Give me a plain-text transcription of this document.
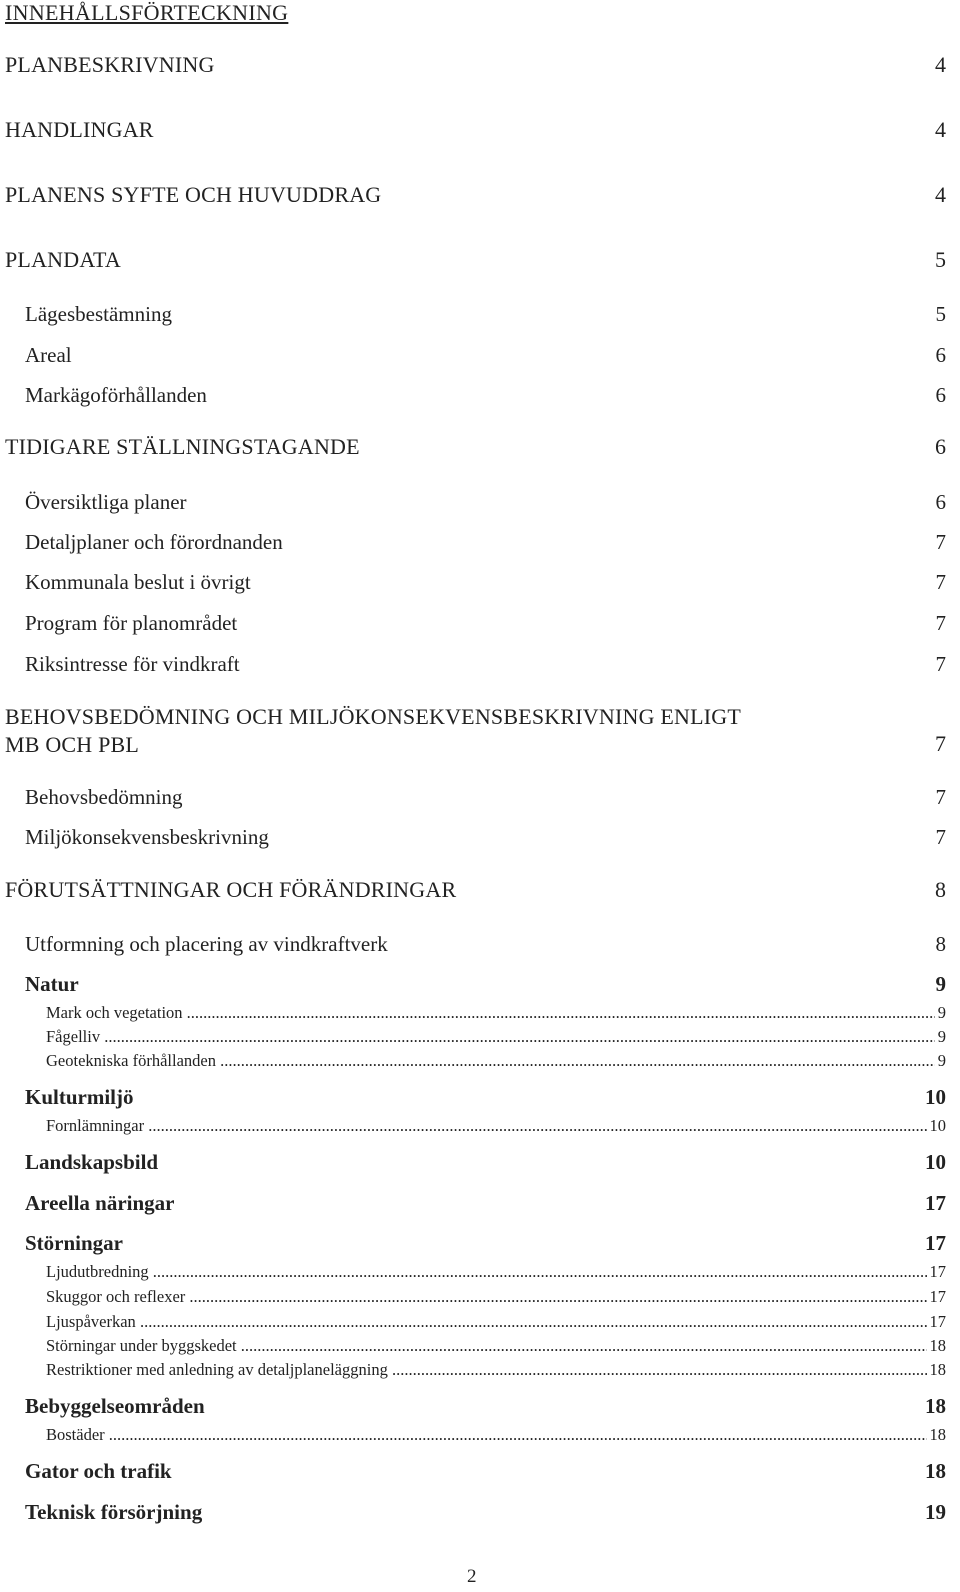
INNEHÅLLSFÖRTECKNING
PLANBESKRIVNING	4
HANDLINGAR	4
PLANENS SYFTE OCH HUVUDDRAG	4
PLANDATA	5
Lägesbestämning	5
Areal	6
Markägoförhållanden	6
TIDIGARE STÄLLNINGSTAGANDE	6
Översiktliga planer	6
Detaljplaner och förordnanden	7
Kommunala beslut i övrigt	7
Program för planområdet	7
Riksintresse för vindkraft	7
BEHOVSBEDÖMNING OCH MILJÖKONSEKVENSBESKRIVNING ENLIGT
MB OCH PBL	7
Behovsbedömning	7
Miljökonsekvensbeskrivning	7
FÖRUTSÄTTNINGAR OCH FÖRÄNDRINGAR	8
Utformning och placering av vindkraftverk	8
Natur	9
Mark och vegetation .....	9
Fågelliv .....	9
Geotekniska förhållanden .....	9
Kulturmiljö	10
Fornlämningar .....	10
Landskapsbild	10
Areella näringar	17
Störningar	17
Ljudutbredning .....	17
Skuggor och reflexer .....	17
Ljuspåverkan .....	17
Störningar under byggskedet .....	18
Restriktioner med anledning av detaljplaneläggning .....	18
Bebyggelseområden	18
Bostäder .....	18
Gator och trafik	18
Teknisk försörjning	19
2
